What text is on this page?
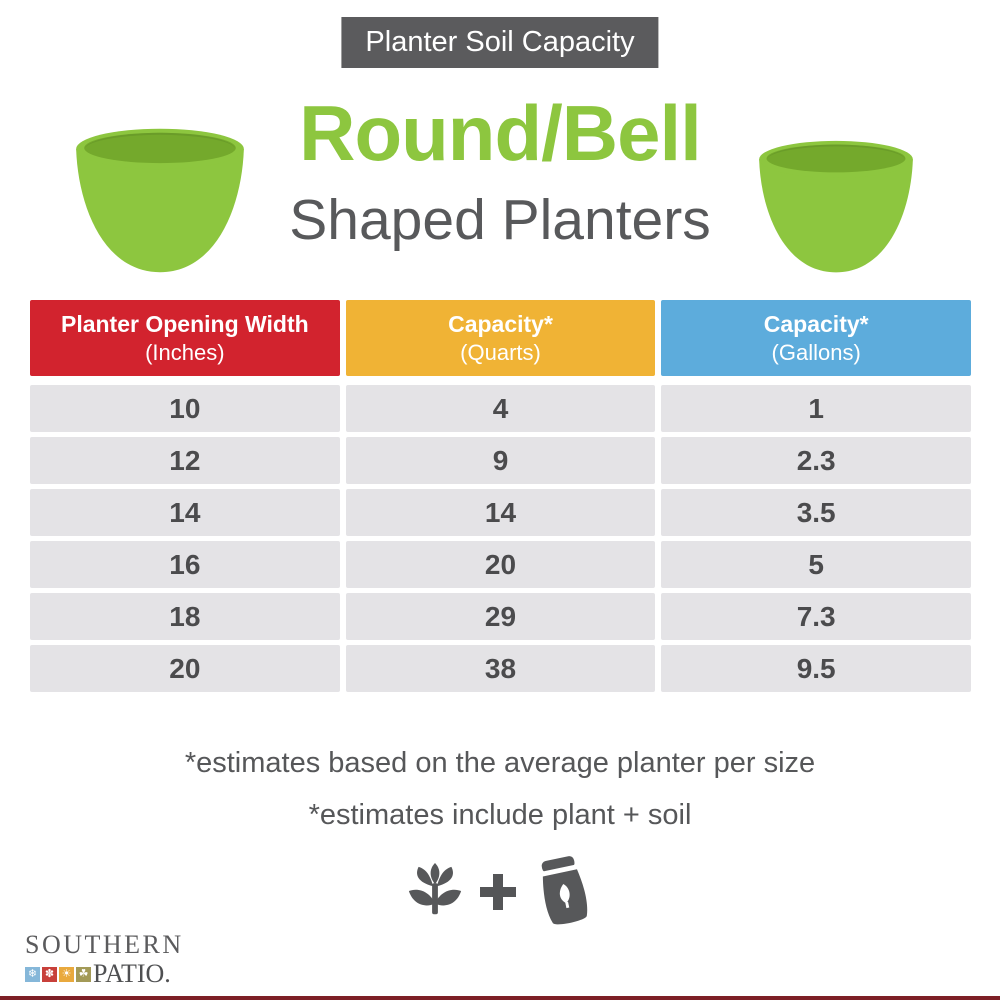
Planter Soil Capacity
Round/Bell
Shaped Planters
Planter Opening Width
(Inches)
Capacity*
(Quarts)
Capacity*
(Gallons)
10	4	1
12	9	2.3
14	14	3.5
16	20	5
18	29	7.3
20	38	9.5
*estimates based on the average planter per size
*estimates include plant + soil
SOUTHERN
❄ ✽ ☀ ☘ PATIO.
